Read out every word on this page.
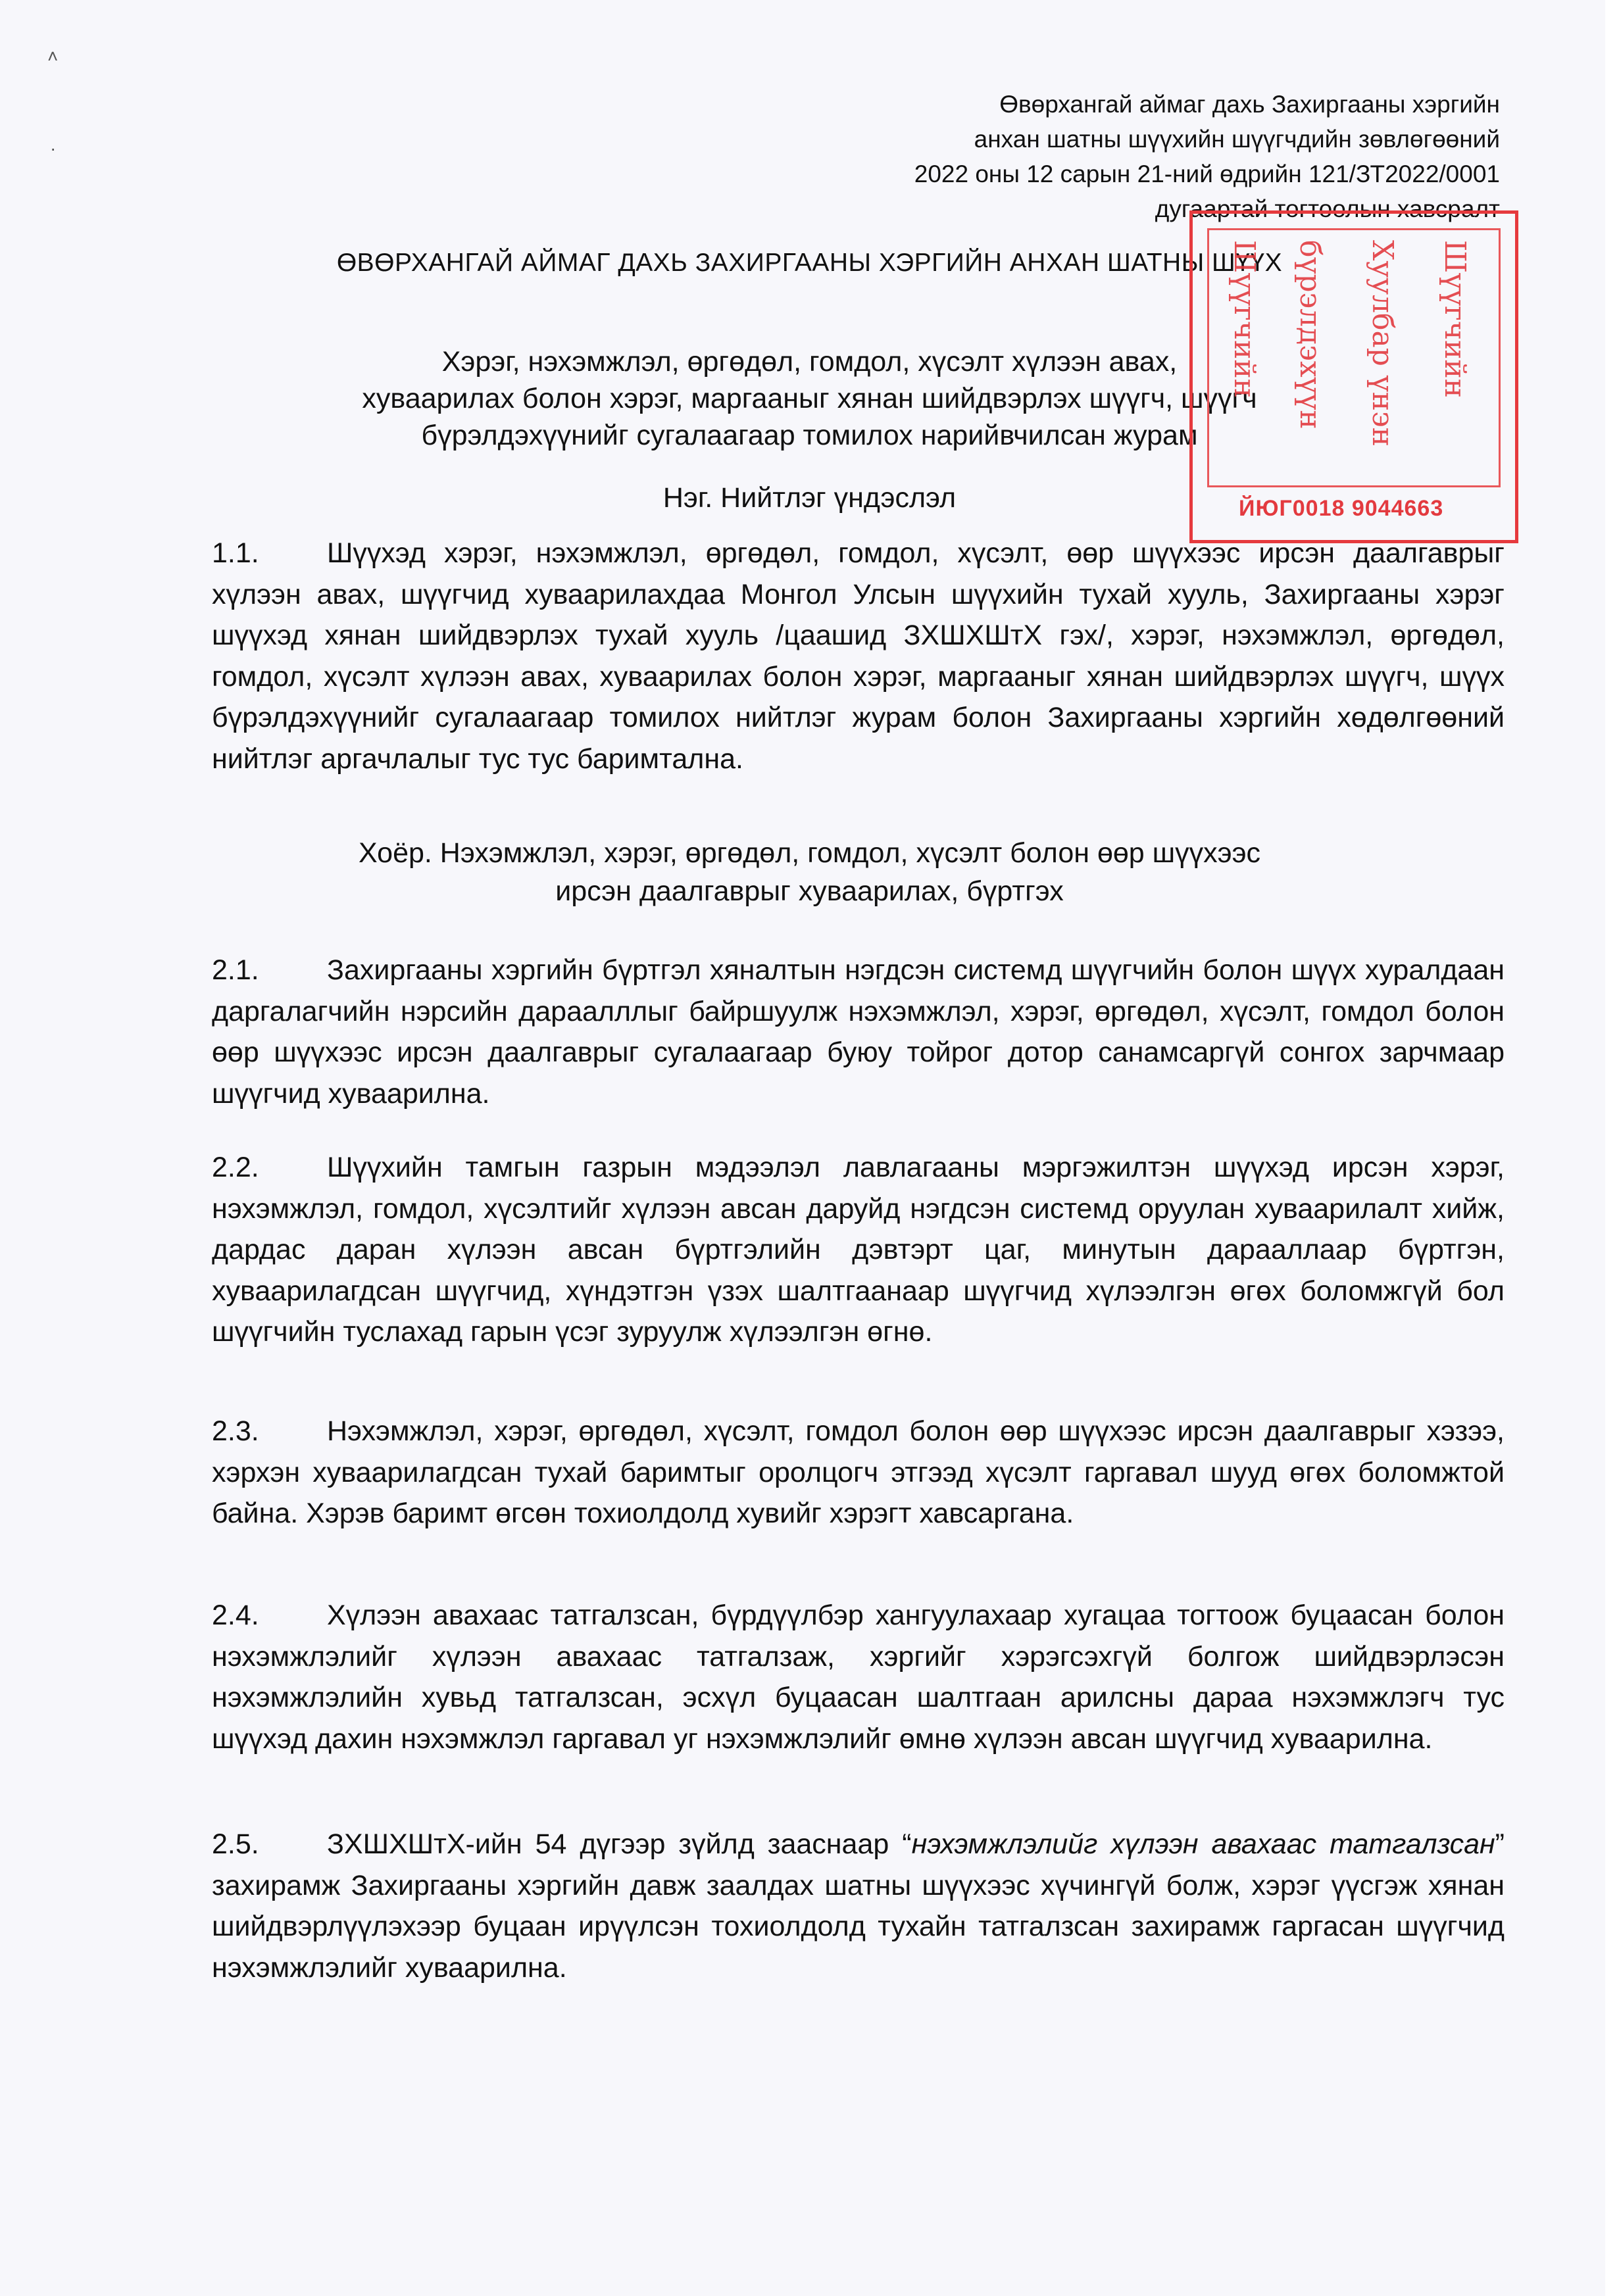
Өвөрхангай аймаг дахь Захиргааны хэргийн
анхан шатны шүүхийн шүүгчдийн зөвлөгөөний
2022 оны 12 сарын 21-ний өдрийн 121/ЗТ2022/0001
дугаартай тогтоолын хавсралт
ӨВӨРХАНГАЙ АЙМАГ ДАХЬ ЗАХИРГААНЫ ХЭРГИЙН АНХАН ШАТНЫ ШҮҮХ
Хэрэг, нэхэмжлэл, өргөдөл, гомдол, хүсэлт хүлээн авах,
хуваарилах болон хэрэг, маргааныг хянан шийдвэрлэх шүүгч, шүүгч
бүрэлдэхүүнийг сугалаагаар томилох нарийвчилсан журам
Нэг. Нийтлэг үндэслэл
1.1. Шүүхэд хэрэг, нэхэмжлэл, өргөдөл, гомдол, хүсэлт, өөр шүүхээс ирсэн даалгаврыг хүлээн авах, шүүгчид хуваарилахдаа Монгол Улсын шүүхийн тухай хууль, Захиргааны хэрэг шүүхэд хянан шийдвэрлэх тухай хууль /цаашид ЗХШХШтХ гэх/, хэрэг, нэхэмжлэл, өргөдөл, гомдол, хүсэлт хүлээн авах, хуваарилах болон хэрэг, маргааныг хянан шийдвэрлэх шүүгч, шүүх бүрэлдэхүүнийг сугалаагаар томилох нийтлэг журам болон Захиргааны хэргийн хөдөлгөөний нийтлэг аргачлалыг тус тус баримтална.
Хоёр. Нэхэмжлэл, хэрэг, өргөдөл, гомдол, хүсэлт болон өөр шүүхээс
ирсэн даалгаврыг хуваарилах, бүртгэх
2.1. Захиргааны хэргийн бүртгэл хяналтын нэгдсэн системд шүүгчийн болон шүүх хуралдаан даргалагчийн нэрсийн дараалллыг байршуулж нэхэмжлэл, хэрэг, өргөдөл, хүсэлт, гомдол болон өөр шүүхээс ирсэн даалгаврыг сугалаагаар буюу тойрог дотор санамсаргүй сонгох зарчмаар шүүгчид хуваарилна.
2.2. Шүүхийн тамгын газрын мэдээлэл лавлагааны мэргэжилтэн шүүхэд ирсэн хэрэг, нэхэмжлэл, гомдол, хүсэлтийг хүлээн авсан даруйд нэгдсэн системд оруулан хуваарилалт хийж, дардас даран хүлээн авсан бүртгэлийн дэвтэрт цаг, минутын дарааллаар бүртгэн, хуваарилагдсан шүүгчид, хүндэтгэн үзэх шалтгаанаар шүүгчид хүлээлгэн өгөх боломжгүй бол шүүгчийн туслахад гарын үсэг зуруулж хүлээлгэн өгнө.
2.3. Нэхэмжлэл, хэрэг, өргөдөл, хүсэлт, гомдол болон өөр шүүхээс ирсэн даалгаврыг хэзээ, хэрхэн хуваарилагдсан тухай баримтыг оролцогч этгээд хүсэлт гаргавал шууд өгөх боломжтой байна. Хэрэв баримт өгсөн тохиолдолд хувийг хэрэгт хавсаргана.
2.4. Хүлээн авахаас татгалзсан, бүрдүүлбэр хангуулахаар хугацаа тогтоож буцаасан болон нэхэмжлэлийг хүлээн авахаас татгалзаж, хэргийг хэрэгсэхгүй болгож шийдвэрлэсэн нэхэмжлэлийн хувьд татгалзсан, эсхүл буцаасан шалтгаан арилсны дараа нэхэмжлэгч тус шүүхэд дахин нэхэмжлэл гаргавал уг нэхэмжлэлийг өмнө хүлээн авсан шүүгчид хуваарилна.
2.5. ЗХШХШтХ-ийн 54 дүгээр зүйлд зааснаар “нэхэмжлэлийг хүлээн авахаас татгалзсан” захирамж Захиргааны хэргийн давж заалдах шатны шүүхээс хүчингүй болж, хэрэг үүсгэж хянан шийдвэрлүүлэхээр буцаан ирүүлсэн тохиолдолд тухайн татгалзсан захирамж гаргасан шүүгчид нэхэмжлэлийг хуваарилна.
Шүүгчийн бүрэлдэхүүн Хуулбар үнэн Шүүгчийн
ЙЮГ0018 9044663
˄
·
